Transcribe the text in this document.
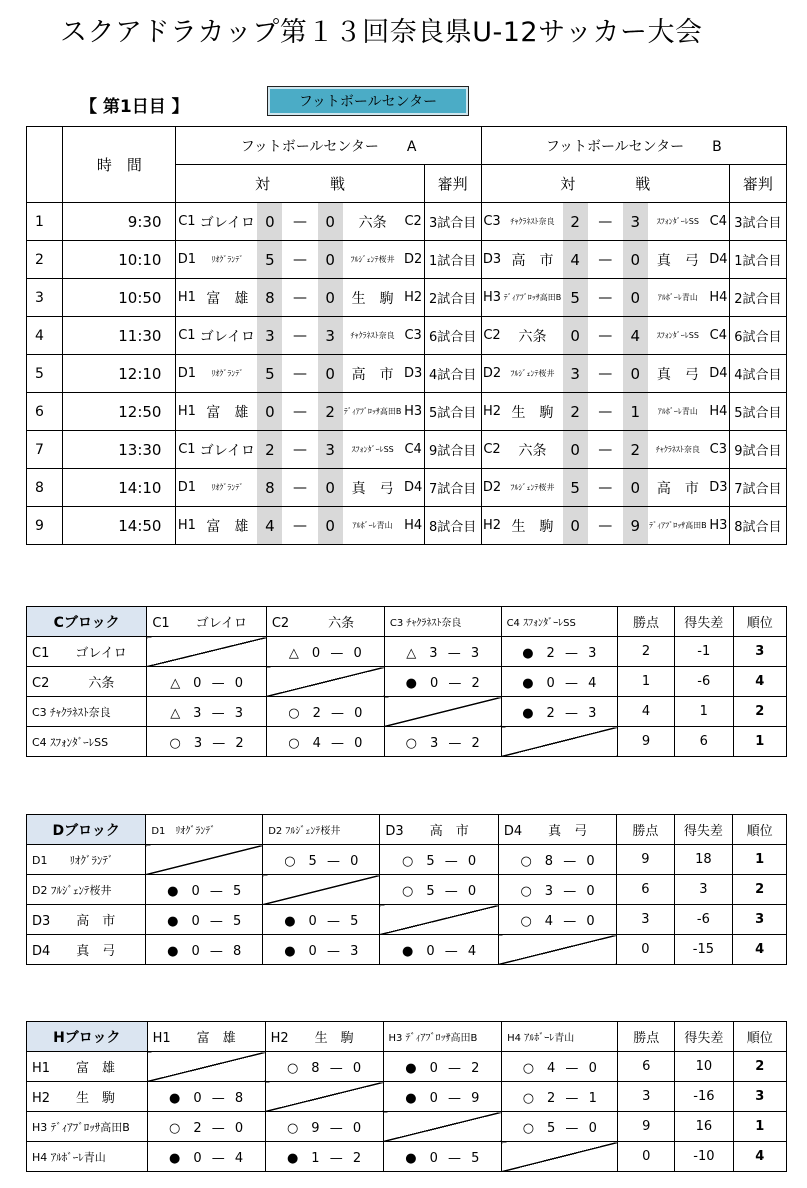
スクアドラカップ第１３回奈良県U-12サッカー大会
【 第1日目 】	フットボールセンター
	時　間	フットボールセンター　　A								フットボールセンター　　B							
		対　　　　戦							審判	対　　　　戦							審判
1	9:30	C1	ゴレイロ	0	—	0	六条	C2	3試合目	C3	ﾁｬｸﾗﾈｽﾄ奈良	2	—	3	ｽﾌｫﾝﾀﾞｰﾚSS	C4	3試合目
2	10:10	D1	ﾘｵｸﾞﾗﾝﾃﾞ	5	—	0	ﾌﾙｼﾞｪﾝﾃ桜井	D2	1試合目	D3	高　市	4	—	0	真　弓	D4	1試合目
3	10:50	H1	富　雄	8	—	0	生　駒	H2	2試合目	H3	ﾃﾞｨｱﾌﾞﾛｯｻ高田B	5	—	0	ｱﾙﾎﾞｰﾚ青山	H4	2試合目
4	11:30	C1	ゴレイロ	3	—	3	ﾁｬｸﾗﾈｽﾄ奈良	C3	6試合目	C2	六条	0	—	4	ｽﾌｫﾝﾀﾞｰﾚSS	C4	6試合目
5	12:10	D1	ﾘｵｸﾞﾗﾝﾃﾞ	5	—	0	高　市	D3	4試合目	D2	ﾌﾙｼﾞｪﾝﾃ桜井	3	—	0	真　弓	D4	4試合目
6	12:50	H1	富　雄	0	—	2	ﾃﾞｨｱﾌﾞﾛｯｻ高田B	H3	5試合目	H2	生　駒	2	—	1	ｱﾙﾎﾞｰﾚ青山	H4	5試合目
7	13:30	C1	ゴレイロ	2	—	3	ｽﾌｫﾝﾀﾞｰﾚSS	C4	9試合目	C2	六条	0	—	2	ﾁｬｸﾗﾈｽﾄ奈良	C3	9試合目
8	14:10	D1	ﾘｵｸﾞﾗﾝﾃﾞ	8	—	0	真　弓	D4	7試合目	D2	ﾌﾙｼﾞｪﾝﾃ桜井	5	—	0	高　市	D3	7試合目
9	14:50	H1	富　雄	4	—	0	ｱﾙﾎﾞｰﾚ青山	H4	8試合目	H2	生　駒	0	—	9	ﾃﾞｨｱﾌﾞﾛｯｻ高田B	H3	8試合目
Cブロック	C1　　ゴレイロ	C2　　　六条	C3 ﾁｬｸﾗﾈｽﾄ奈良	C4 ｽﾌｫﾝﾀﾞｰﾚSS	勝点	得失差	順位
C1　　ゴレイロ		△　0 — 0	△　3 — 3	●　2 — 3	2	-1	3
C2　　　六条	△　0 — 0		●　0 — 2	●　0 — 4	1	-6	4
C3 ﾁｬｸﾗﾈｽﾄ奈良	△　3 — 3	○　2 — 0		●　2 — 3	4	1	2
C4 ｽﾌｫﾝﾀﾞｰﾚSS	○　3 — 2	○　4 — 0	○　3 — 2		9	6	1
Dブロック	D1　ﾘｵｸﾞﾗﾝﾃﾞ	D2 ﾌﾙｼﾞｪﾝﾃ桜井	D3　　高　市	D4　　真　弓	勝点	得失差	順位
D1　　ﾘｵｸﾞﾗﾝﾃﾞ		○　5 — 0	○　5 — 0	○　8 — 0	9	18	1
D2 ﾌﾙｼﾞｪﾝﾃ桜井	●　0 — 5		○　5 — 0	○　3 — 0	6	3	2
D3　　高　市	●　0 — 5	●　0 — 5		○　4 — 0	3	-6	3
D4　　真　弓	●　0 — 8	●　0 — 3	●　0 — 4		0	-15	4
Hブロック	H1　　富　雄	H2　　生　駒	H3 ﾃﾞｨｱﾌﾞﾛｯｻ高田B	H4 ｱﾙﾎﾞｰﾚ青山	勝点	得失差	順位
H1　　富　雄		○　8 — 0	●　0 — 2	○　4 — 0	6	10	2
H2　　生　駒	●　0 — 8		●　0 — 9	○　2 — 1	3	-16	3
H3 ﾃﾞｨｱﾌﾞﾛｯｻ高田B	○　2 — 0	○　9 — 0		○　5 — 0	9	16	1
H4 ｱﾙﾎﾞｰﾚ青山	●　0 — 4	●　1 — 2	●　0 — 5		0	-10	4
